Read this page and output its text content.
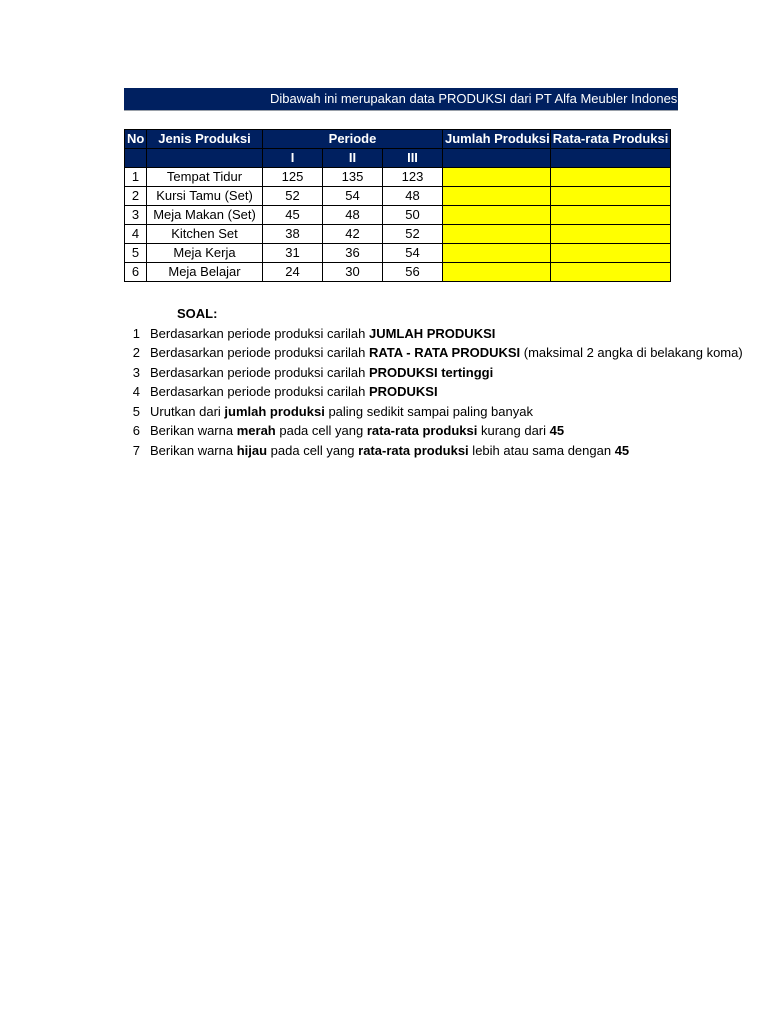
Dibawah ini merupakan data PRODUKSI dari PT Alfa Meubler Indonesia
No	Jenis Produksi	Periode			Jumlah Produksi	Rata-rata Produksi
		I	II	III		
1	Tempat Tidur	125	135	123		
2	Kursi Tamu (Set)	52	54	48		
3	Meja Makan (Set)	45	48	50		
4	Kitchen Set	38	42	52		
5	Meja Kerja	31	36	54		
6	Meja Belajar	24	30	56		
SOAL:
1 Berdasarkan periode produksi carilah JUMLAH PRODUKSI
2 Berdasarkan periode produksi carilah RATA - RATA PRODUKSI (maksimal 2 angka di belakang koma)
3 Berdasarkan periode produksi carilah PRODUKSI tertinggi
4 Berdasarkan periode produksi carilah PRODUKSI
5 Urutkan dari jumlah produksi paling sedikit sampai paling banyak
6 Berikan warna merah pada cell yang rata-rata produksi kurang dari 45
7 Berikan warna hijau pada cell yang rata-rata produksi lebih atau sama dengan 45
